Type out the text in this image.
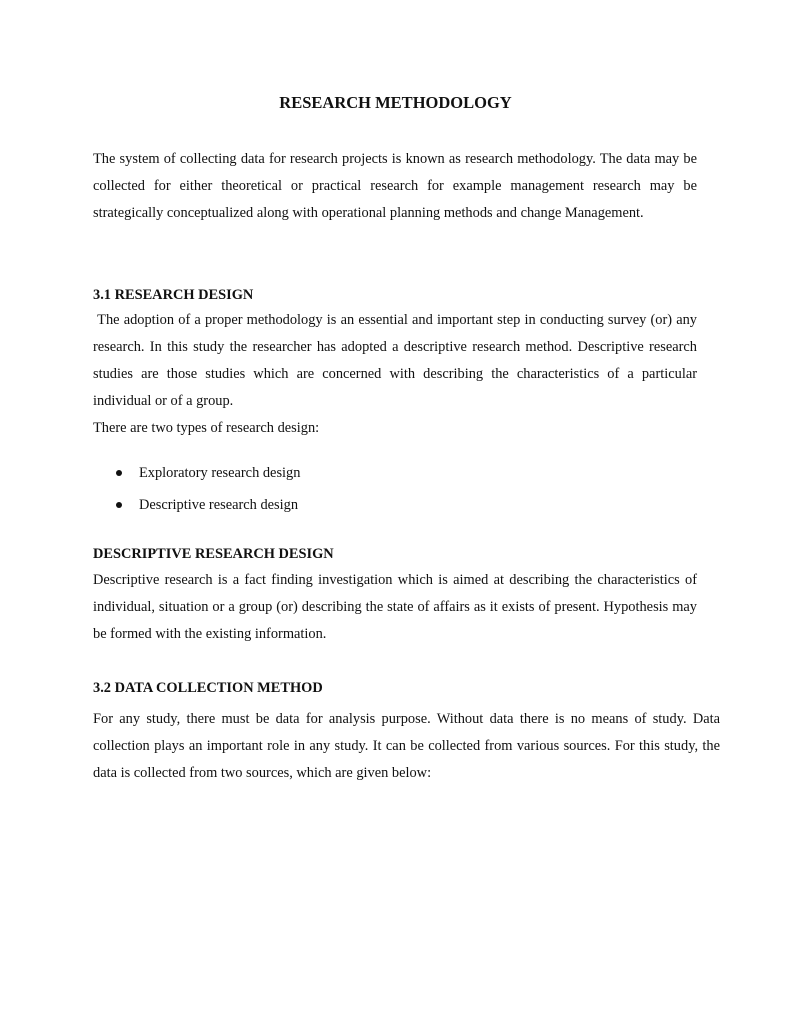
RESEARCH METHODOLOGY

The system of collecting data for research projects is known as research methodology. The data may be collected for either theoretical or practical research for example management research may be strategically conceptualized along with operational planning methods and change Management.

3.1 RESEARCH DESIGN

The adoption of a proper methodology is an essential and important step in conducting survey (or) any research. In this study the researcher has adopted a descriptive research method. Descriptive research studies are those studies which are concerned with describing the characteristics of a particular individual or of a group.

There are two types of research design:

Exploratory research design
Descriptive research design
DESCRIPTIVE RESEARCH DESIGN

Descriptive research is a fact finding investigation which is aimed at describing the characteristics of individual, situation or a group (or) describing the state of affairs as it exists of present. Hypothesis may be formed with the existing information.

3.2 DATA COLLECTION METHOD

For any study, there must be data for analysis purpose. Without data there is no means of study. Data collection plays an important role in any study. It can be collected from various sources. For this study, the data is collected from two sources, which are given below:
